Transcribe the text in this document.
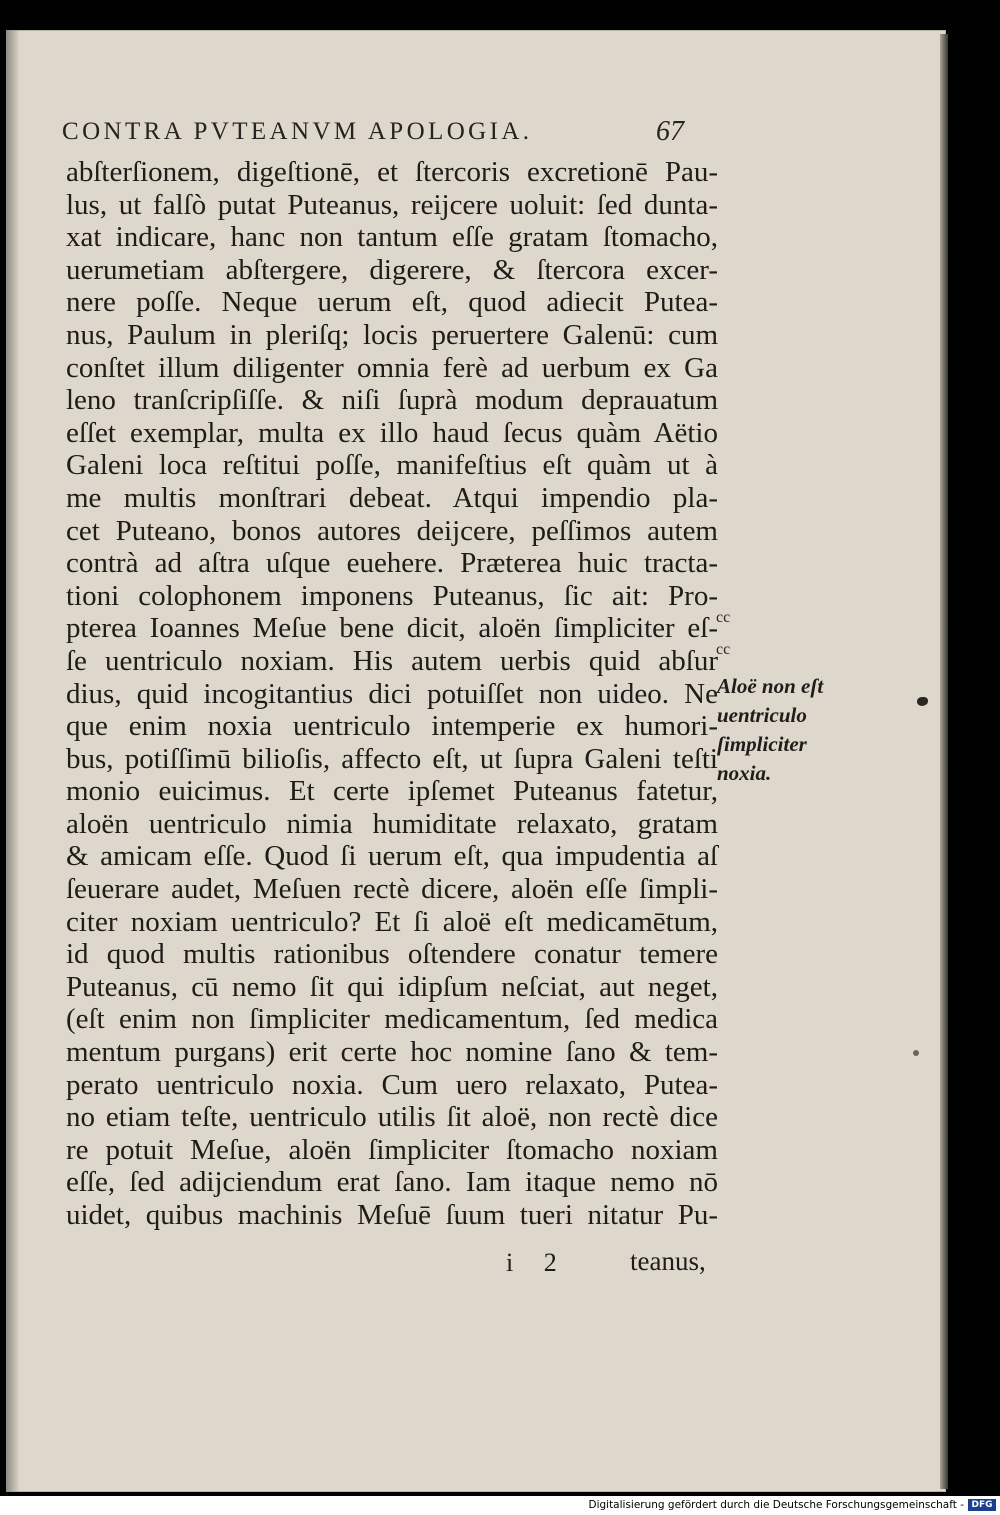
CONTRA PVTEANVM APOLOGIA.	67
abſterſionem, digeſtionē, et ſtercoris excretionē Pau-
lus, ut falſò putat Puteanus, reijcere uoluit: ſed dunta-
xat indicare, hanc non tantum eſſe gratam ſtomacho,
uerumetiam abſtergere, digerere, & ſtercora excer-
nere poſſe. Neque uerum eſt, quod adiecit Putea-
nus, Paulum in pleriſq; locis peruertere Galenū: cum
conſtet illum diligenter omnia ferè ad uerbum ex Ga
leno tranſcripſiſſe. & niſi ſuprà modum deprauatum
eſſet exemplar, multa ex illo haud ſecus quàm Aëtio
Galeni loca reſtitui poſſe, manifeſtius eſt quàm ut à
me multis monſtrari debeat. Atqui impendio pla-
cet Puteano, bonos autores deijcere, peſſimos autem
contrà ad aſtra uſque euehere. Præterea huic tracta-
tioni colophonem imponens Puteanus, ſic ait: Pro-
pterea Ioannes Meſue bene dicit, aloën ſimpliciter eſ-
ſe uentriculo noxiam. His autem uerbis quid abſur
dius, quid incogitantius dici potuiſſet non uideo. Ne
que enim noxia uentriculo intemperie ex humori-
bus, potiſſimū bilioſis, affecto eſt, ut ſupra Galeni teſti
monio euicimus. Et certe ipſemet Puteanus fatetur,
aloën uentriculo nimia humiditate relaxato, gratam
& amicam eſſe. Quod ſi uerum eſt, qua impudentia aſ
ſeuerare audet, Meſuen rectè dicere, aloën eſſe ſimpli-
citer noxiam uentriculo? Et ſi aloë eſt medicamētum,
id quod multis rationibus oſtendere conatur temere
Puteanus, cū nemo ſit qui idipſum neſciat, aut neget,
(eſt enim non ſimpliciter medicamentum, ſed medica
mentum purgans) erit certe hoc nomine ſano & tem-
perato uentriculo noxia. Cum uero relaxato, Putea-
no etiam teſte, uentriculo utilis ſit aloë, non rectè dice
re potuit Meſue, aloën ſimpliciter ſtomacho noxiam
eſſe, ſed adijciendum erat ſano. Iam itaque nemo nō
uidet, quibus machinis Meſuē ſuum tueri nitatur Pu-
cc
cc
Aloë non eſt
uentriculo
ſimpliciter
noxia.
i 2 teanus,
Digitalisierung gefördert durch die Deutsche Forschungsgemeinschaft - DFG
